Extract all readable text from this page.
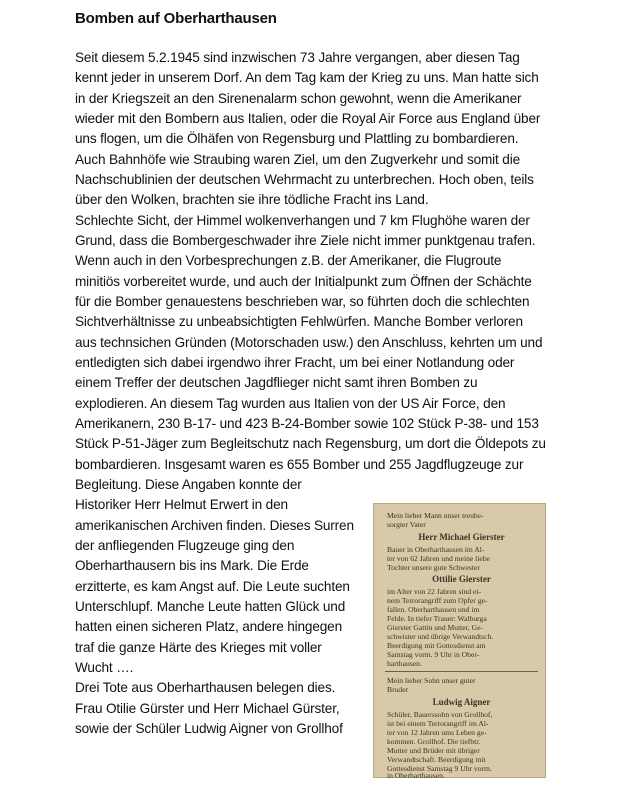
Bomben auf Oberharthausen
Seit diesem 5.2.1945 sind inzwischen 73 Jahre vergangen, aber diesen Tag
kennt jeder in unserem Dorf. An dem Tag kam der Krieg zu uns. Man hatte sich
in der Kriegszeit an den Sirenenalarm schon gewohnt, wenn die Amerikaner
wieder mit den Bombern aus Italien, oder die Royal Air Force aus England über
uns flogen, um die Ölhäfen von Regensburg und Plattling zu bombardieren.
Auch Bahnhöfe wie Straubing waren Ziel, um den Zugverkehr und somit die
Nachschublinien der deutschen Wehrmacht zu unterbrechen. Hoch oben, teils
über den Wolken, brachten sie ihre tödliche Fracht ins Land.
Schlechte Sicht, der Himmel wolkenverhangen und 7 km Flughöhe waren der
Grund, dass die Bombergeschwader ihre Ziele nicht immer punktgenau trafen.
Wenn auch in den Vorbesprechungen z.B. der Amerikaner, die Flugroute
minitiös vorbereitet wurde, und auch der Initialpunkt zum Öffnen der Schächte
für die Bomber genauestens beschrieben war, so führten doch die schlechten
Sichtverhältnisse zu unbeabsichtigten Fehlwürfen. Manche Bomber verloren
aus technsichen Gründen (Motorschaden usw.) den Anschluss, kehrten um und
entledigten sich dabei irgendwo ihrer Fracht, um bei einer Notlandung oder
einem Treffer der deutschen Jagdflieger nicht samt ihren Bomben zu
explodieren. An diesem Tag wurden aus Italien von der US Air Force, den
Amerikanern, 230 B-17- und 423 B-24-Bomber sowie 102 Stück P-38- und 153
Stück P-51-Jäger zum Begleitschutz nach Regensburg, um dort die Öldepots zu
bombardieren. Insgesamt waren es 655 Bomber und 255 Jagdflugzeuge zur
Begleitung. Diese Angaben konnte der
Historiker Herr Helmut Erwert in den
amerikanischen Archiven finden. Dieses Surren
der anfliegenden Flugzeuge ging den
Oberharthausern bis ins Mark. Die Erde
erzitterte, es kam Angst auf. Die Leute suchten
Unterschlupf. Manche Leute hatten Glück und
hatten einen sicheren Platz, andere hingegen
traf die ganze Härte des Krieges mit voller
Wucht ….
Drei Tote aus Oberharthausen belegen dies.
Frau Otilie Gürster und Herr Michael Gürster,
sowie der Schüler Ludwig Aigner von Grollhof
Mein lieber Mann unser treube-
sorgter Vater
Herr Michael Gierster
Bauer in Oberharthausen im Al-
ter von 62 Jahren und meine liebe
Tochter unsere gute Schwester
Ottilie Gierster
im Alter von 22 Jahren sind ei-
nem Terrorangriff zum Opfer ge-
fallen. Oberharthausen und im
Felde. In tiefer Trauer: Walburga
Gierster Gattin und Mutter, Ge-
schwister und übrige Verwandtsch.
Beerdigung mit Gottesdienst am
Samstag vorm. 9 Uhr in Ober-
harthausen.
Mein lieber Sohn unser guter
Bruder
Ludwig Aigner
Schüler, Bauerssohn von Grollhof,
ist bei einem Terrorangriff im Al-
ter von 12 Jahren ums Leben ge-
kommen. Grollhof. Die tiefbtr.
Mutter und Brüder mit übriger
Verwandtschaft. Beerdigung mit
Gottesdienst Samstag 9 Uhr vorm.
in Oberharthausen.
